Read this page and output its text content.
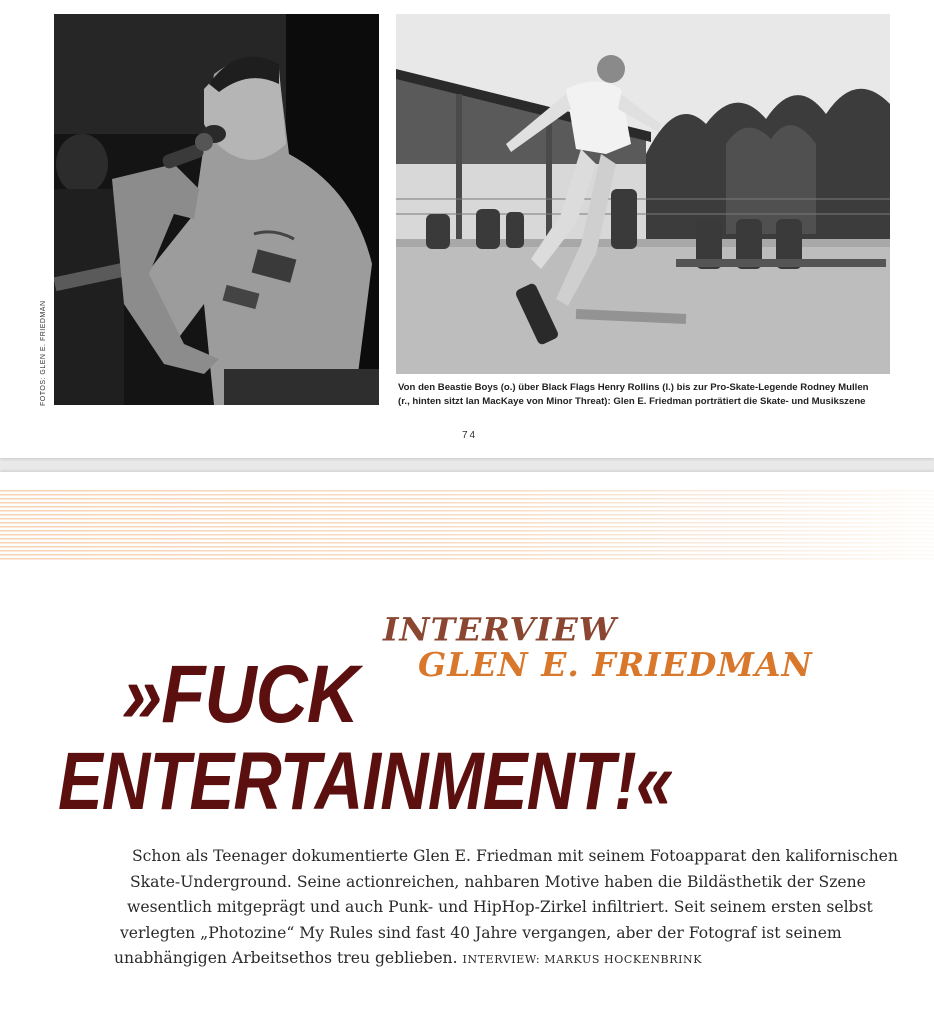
FOTOS: GLEN E. FRIEDMAN	Von den Beastie Boys (o.) über Black Flags Henry Rollins (l.) bis zur Pro-Skate-Legende Rodney Mullen
(r., hinten sitzt Ian MacKaye von Minor Threat): Glen E. Friedman porträtiert die Skate- und Musikszene
74
INTERVIEW
GLEN E. FRIEDMAN
»FUCK
ENTERTAINMENT!«
Schon als Teenager dokumentierte Glen E. Friedman mit seinem Fotoapparat den kalifornischen
Skate-Underground. Seine actionreichen, nahbaren Motive haben die Bildästhetik der Szene
wesentlich mitgeprägt und auch Punk- und HipHop-Zirkel infiltriert. Seit seinem ersten selbst
verlegten „Photozine“ My Rules sind fast 40 Jahre vergangen, aber der Fotograf ist seinem
unabhängigen Arbeitsethos treu geblieben. INTERVIEW: MARKUS HOCKENBRINK
